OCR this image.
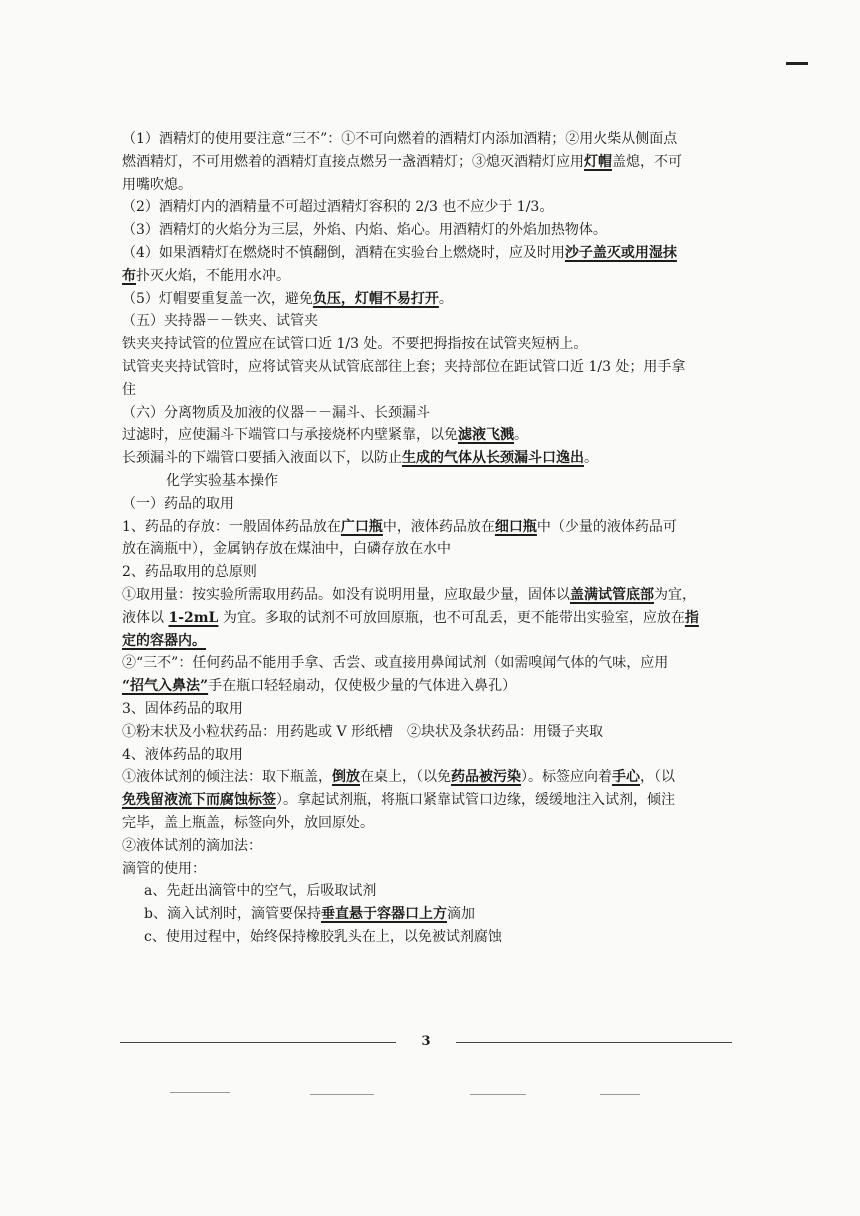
（1）酒精灯的使用要注意“三不”：①不可向燃着的酒精灯内添加酒精；②用火柴从侧面点
燃酒精灯，不可用燃着的酒精灯直接点燃另一盏酒精灯；③熄灭酒精灯应用灯帽盖熄，不可
用嘴吹熄。
（2）酒精灯内的酒精量不可超过酒精灯容积的 2/3 也不应少于 1/3。
（3）酒精灯的火焰分为三层，外焰、内焰、焰心。用酒精灯的外焰加热物体。
（4）如果酒精灯在燃烧时不慎翻倒，酒精在实验台上燃烧时，应及时用沙子盖灭或用湿抹
布扑灭火焰，不能用水冲。
（5）灯帽要重复盖一次，避免负压，灯帽不易打开。
（五）夹持器－－铁夹、试管夹
铁夹夹持试管的位置应在试管口近 1/3 处。不要把拇指按在试管夹短柄上。
试管夹夹持试管时，应将试管夹从试管底部往上套；夹持部位在距试管口近 1/3 处；用手拿
住
（六）分离物质及加液的仪器－－漏斗、长颈漏斗
过滤时，应使漏斗下端管口与承接烧杯内壁紧靠，以免滤液飞溅。
长颈漏斗的下端管口要插入液面以下，以防止生成的气体从长颈漏斗口逸出。
化学实验基本操作
（一）药品的取用
1、药品的存放：一般固体药品放在广口瓶中，液体药品放在细口瓶中（少量的液体药品可
放在滴瓶中），金属钠存放在煤油中，白磷存放在水中
2、药品取用的总原则
①取用量：按实验所需取用药品。如没有说明用量，应取最少量，固体以盖满试管底部为宜，
液体以 1-2mL 为宜。多取的试剂不可放回原瓶，也不可乱丢，更不能带出实验室，应放在指
定的容器内。
②“三不”：任何药品不能用手拿、舌尝、或直接用鼻闻试剂（如需嗅闻气体的气味，应用
“招气入鼻法”手在瓶口轻轻扇动，仅使极少量的气体进入鼻孔）
3、固体药品的取用
①粉末状及小粒状药品：用药匙或 V 形纸槽　②块状及条状药品：用镊子夹取
4、液体药品的取用
①液体试剂的倾注法：取下瓶盖，倒放在桌上，（以免药品被污染）。标签应向着手心，（以
免残留液流下而腐蚀标签）。拿起试剂瓶，将瓶口紧靠试管口边缘，缓缓地注入试剂，倾注
完毕，盖上瓶盖，标签向外，放回原处。
②液体试剂的滴加法：
滴管的使用：
a、先赶出滴管中的空气，后吸取试剂
b、滴入试剂时，滴管要保持垂直悬于容器口上方滴加
c、使用过程中，始终保持橡胶乳头在上，以免被试剂腐蚀
3
